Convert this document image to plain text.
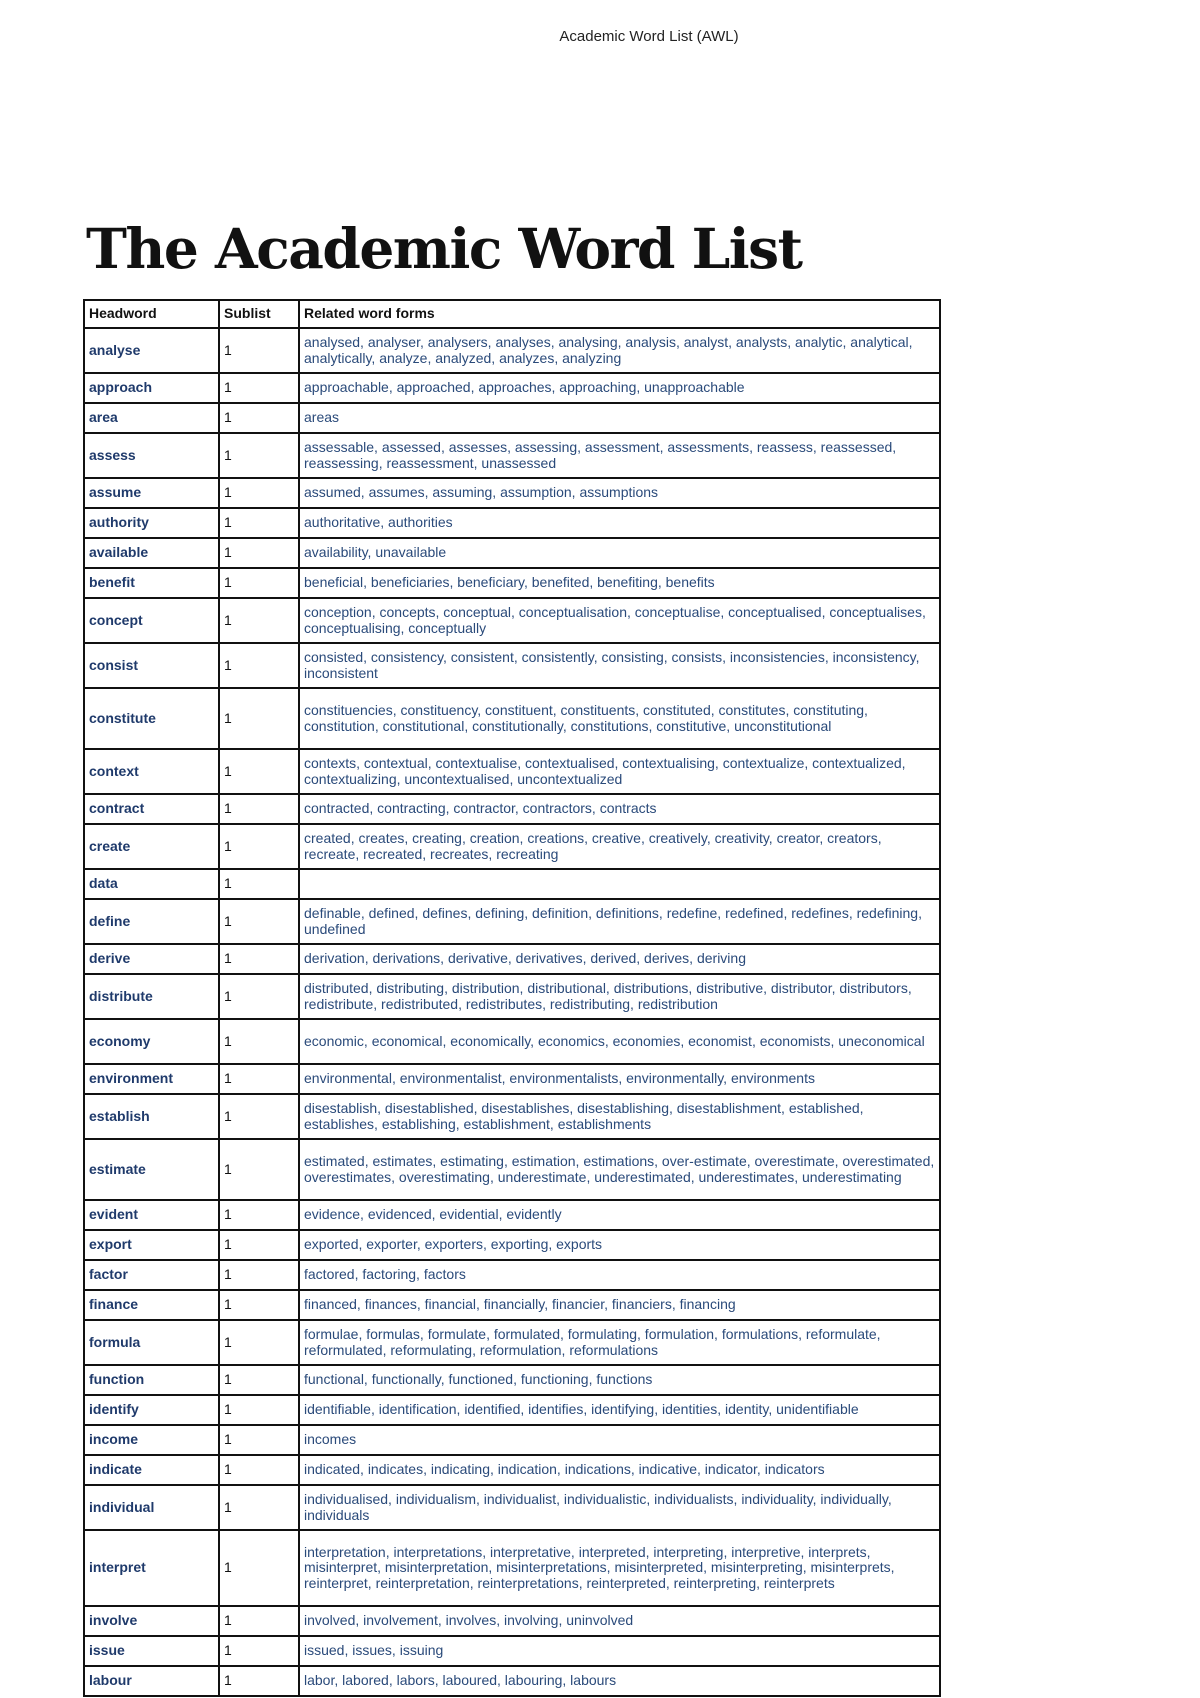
Academic Word List (AWL)
The Academic Word List
Headword	Sublist	Related word forms
analyse	1	analysed, analyser, analysers, analyses, analysing, analysis, analyst, analysts, analytic, analytical, analytically, analyze, analyzed, analyzes, analyzing
approach	1	approachable, approached, approaches, approaching, unapproachable
area	1	areas
assess	1	assessable, assessed, assesses, assessing, assessment, assessments, reassess, reassessed, reassessing, reassessment, unassessed
assume	1	assumed, assumes, assuming, assumption, assumptions
authority	1	authoritative, authorities
available	1	availability, unavailable
benefit	1	beneficial, beneficiaries, beneficiary, benefited, benefiting, benefits
concept	1	conception, concepts, conceptual, conceptualisation, conceptualise, conceptualised, conceptualises, conceptualising, conceptually
consist	1	consisted, consistency, consistent, consistently, consisting, consists, inconsistencies, inconsistency, inconsistent
constitute	1	constituencies, constituency, constituent, constituents, constituted, constitutes, constituting, constitution, constitutional, constitutionally, constitutions, constitutive, unconstitutional
context	1	contexts, contextual, contextualise, contextualised, contextualising, contextualize, contextualized, contextualizing, uncontextualised, uncontextualized
contract	1	contracted, contracting, contractor, contractors, contracts
create	1	created, creates, creating, creation, creations, creative, creatively, creativity, creator, creators, recreate, recreated, recreates, recreating
data	1	
define	1	definable, defined, defines, defining, definition, definitions, redefine, redefined, redefines, redefining, undefined
derive	1	derivation, derivations, derivative, derivatives, derived, derives, deriving
distribute	1	distributed, distributing, distribution, distributional, distributions, distributive, distributor, distributors, redistribute, redistributed, redistributes, redistributing, redistribution
economy	1	economic, economical, economically, economics, economies, economist, economists, uneconomical
environment	1	environmental, environmentalist, environmentalists, environmentally, environments
establish	1	disestablish, disestablished, disestablishes, disestablishing, disestablishment, established, establishes, establishing, establishment, establishments
estimate	1	estimated, estimates, estimating, estimation, estimations, over-estimate, overestimate, overestimated, overestimates, overestimating, underestimate, underestimated, underestimates, underestimating
evident	1	evidence, evidenced, evidential, evidently
export	1	exported, exporter, exporters, exporting, exports
factor	1	factored, factoring, factors
finance	1	financed, finances, financial, financially, financier, financiers, financing
formula	1	formulae, formulas, formulate, formulated, formulating, formulation, formulations, reformulate, reformulated, reformulating, reformulation, reformulations
function	1	functional, functionally, functioned, functioning, functions
identify	1	identifiable, identification, identified, identifies, identifying, identities, identity, unidentifiable
income	1	incomes
indicate	1	indicated, indicates, indicating, indication, indications, indicative, indicator, indicators
individual	1	individualised, individualism, individualist, individualistic, individualists, individuality, individually, individuals
interpret	1	interpretation, interpretations, interpretative, interpreted, interpreting, interpretive, interprets, misinterpret, misinterpretation, misinterpretations, misinterpreted, misinterpreting, misinterprets, reinterpret, reinterpretation, reinterpretations, reinterpreted, reinterpreting, reinterprets
involve	1	involved, involvement, involves, involving, uninvolved
issue	1	issued, issues, issuing
labour	1	labor, labored, labors, laboured, labouring, labours
